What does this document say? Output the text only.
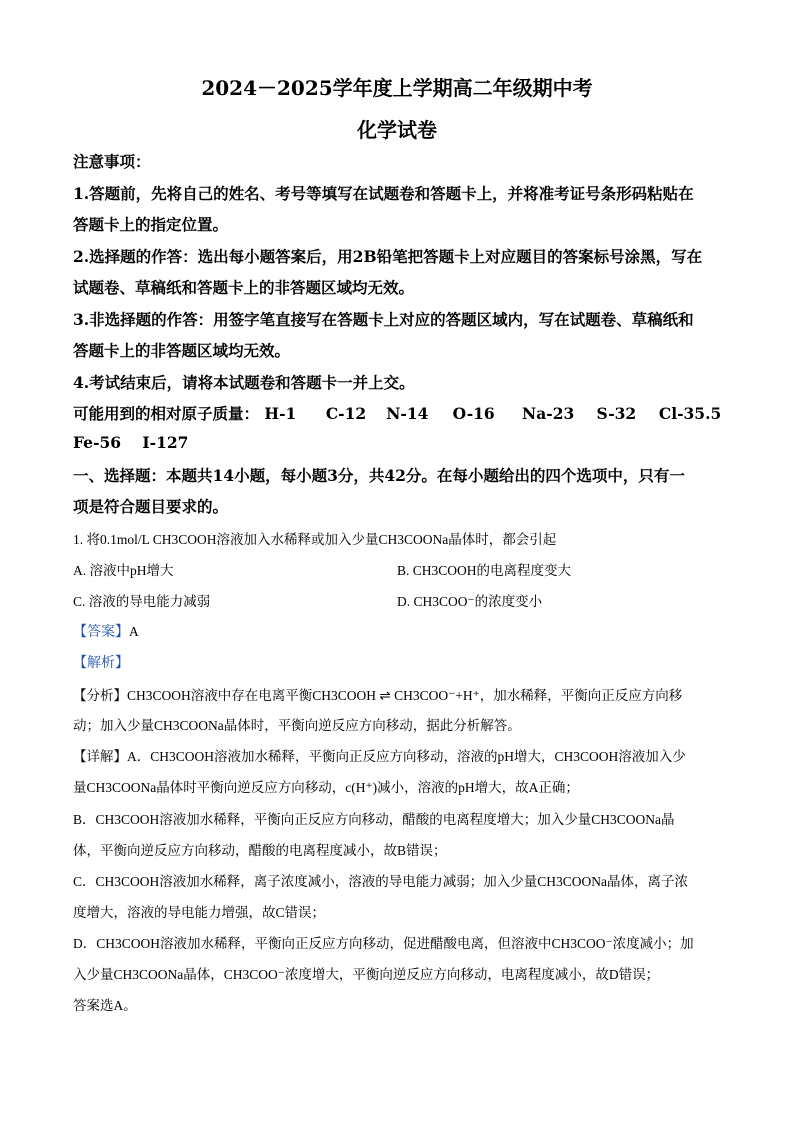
2024－2025学年度上学期高二年级期中考
化学试卷
注意事项：
1.答题前，先将自己的姓名、考号等填写在试题卷和答题卡上，并将准考证号条形码粘贴在
答题卡上的指定位置。
2.选择题的作答：选出每小题答案后，用2B铅笔把答题卡上对应题目的答案标号涂黑，写在
试题卷、草稿纸和答题卡上的非答题区域均无效。
3.非选择题的作答：用签字笔直接写在答题卡上对应的答题区域内，写在试题卷、草稿纸和
答题卡上的非答题区域均无效。
4.考试结束后，请将本试题卷和答题卡一并上交。
可能用到的相对原子质量： H-1 C-12 N-14 O-16 Na-23 S-32 Cl-35.5
Fe-56 I-127
一、选择题：本题共14小题，每小题3分，共42分。在每小题给出的四个选项中，只有一
项是符合题目要求的。
1. 将0.1mol/L CH3COOH溶液加入水稀释或加入少量CH3COONa晶体时，都会引起
A. 溶液中pH增大	B. CH3COOH的电离程度变大
C. 溶液的导电能力减弱	D. CH3COO⁻的浓度变小
【答案】A
【解析】
【分析】CH3COOH溶液中存在电离平衡CH3COOH ⇌ CH3COO⁻+H⁺，加水稀释，平衡向正反应方向移
动；加入少量CH3COONa晶体时，平衡向逆反应方向移动，据此分析解答。
【详解】A．CH3COOH溶液加水稀释，平衡向正反应方向移动，溶液的pH增大，CH3COOH溶液加入少
量CH3COONa晶体时平衡向逆反应方向移动，c(H⁺)减小，溶液的pH增大，故A正确；
B．CH3COOH溶液加水稀释，平衡向正反应方向移动，醋酸的电离程度增大；加入少量CH3COONa晶
体，平衡向逆反应方向移动，醋酸的电离程度减小，故B错误；
C．CH3COOH溶液加水稀释，离子浓度减小，溶液的导电能力减弱；加入少量CH3COONa晶体，离子浓
度增大，溶液的导电能力增强，故C错误；
D．CH3COOH溶液加水稀释，平衡向正反应方向移动，促进醋酸电离，但溶液中CH3COO⁻浓度减小；加
入少量CH3COONa晶体，CH3COO⁻浓度增大，平衡向逆反应方向移动，电离程度减小，故D错误；
答案选A。
